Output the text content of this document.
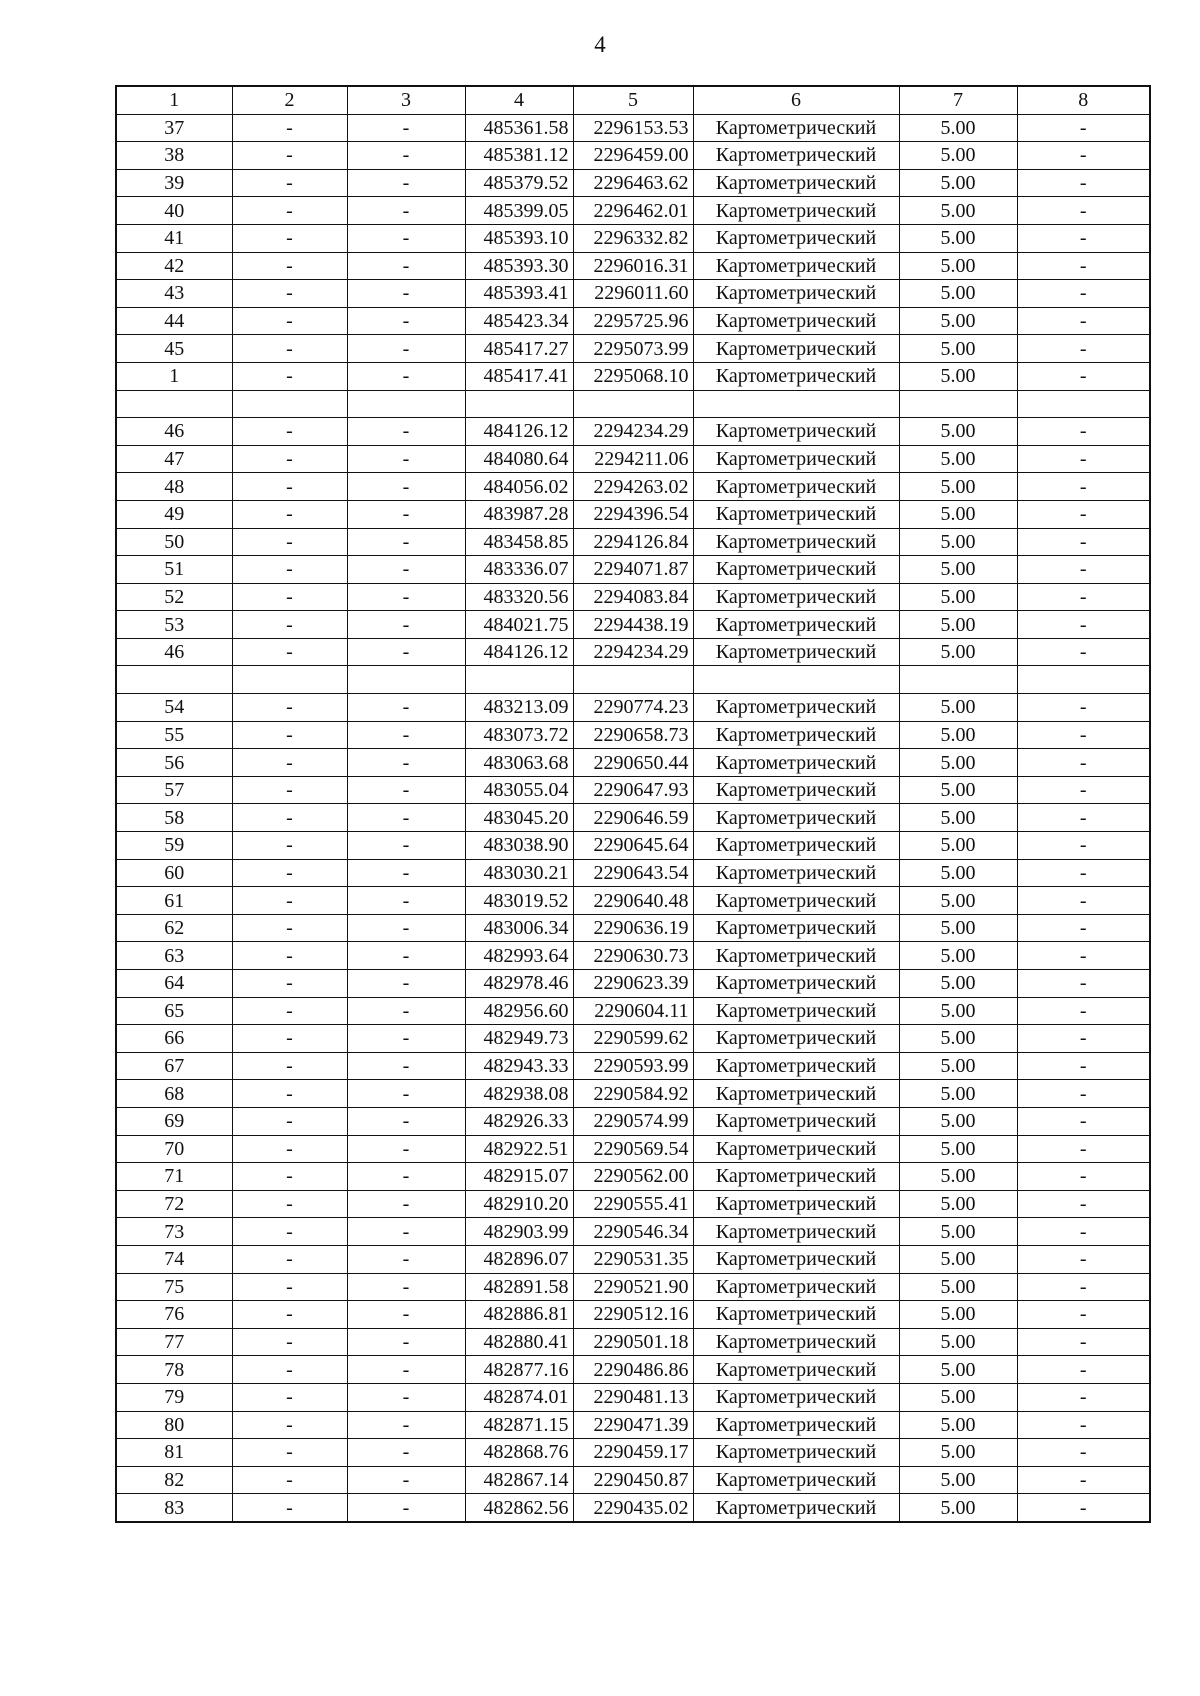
4
1	2	3	4	5	6	7	8
37	-	-	485361.58	2296153.53	Картометрический	5.00	-
38	-	-	485381.12	2296459.00	Картометрический	5.00	-
39	-	-	485379.52	2296463.62	Картометрический	5.00	-
40	-	-	485399.05	2296462.01	Картометрический	5.00	-
41	-	-	485393.10	2296332.82	Картометрический	5.00	-
42	-	-	485393.30	2296016.31	Картометрический	5.00	-
43	-	-	485393.41	2296011.60	Картометрический	5.00	-
44	-	-	485423.34	2295725.96	Картометрический	5.00	-
45	-	-	485417.27	2295073.99	Картометрический	5.00	-
1	-	-	485417.41	2295068.10	Картометрический	5.00	-

46	-	-	484126.12	2294234.29	Картометрический	5.00	-
47	-	-	484080.64	2294211.06	Картометрический	5.00	-
48	-	-	484056.02	2294263.02	Картометрический	5.00	-
49	-	-	483987.28	2294396.54	Картометрический	5.00	-
50	-	-	483458.85	2294126.84	Картометрический	5.00	-
51	-	-	483336.07	2294071.87	Картометрический	5.00	-
52	-	-	483320.56	2294083.84	Картометрический	5.00	-
53	-	-	484021.75	2294438.19	Картометрический	5.00	-
46	-	-	484126.12	2294234.29	Картометрический	5.00	-

54	-	-	483213.09	2290774.23	Картометрический	5.00	-
55	-	-	483073.72	2290658.73	Картометрический	5.00	-
56	-	-	483063.68	2290650.44	Картометрический	5.00	-
57	-	-	483055.04	2290647.93	Картометрический	5.00	-
58	-	-	483045.20	2290646.59	Картометрический	5.00	-
59	-	-	483038.90	2290645.64	Картометрический	5.00	-
60	-	-	483030.21	2290643.54	Картометрический	5.00	-
61	-	-	483019.52	2290640.48	Картометрический	5.00	-
62	-	-	483006.34	2290636.19	Картометрический	5.00	-
63	-	-	482993.64	2290630.73	Картометрический	5.00	-
64	-	-	482978.46	2290623.39	Картометрический	5.00	-
65	-	-	482956.60	2290604.11	Картометрический	5.00	-
66	-	-	482949.73	2290599.62	Картометрический	5.00	-
67	-	-	482943.33	2290593.99	Картометрический	5.00	-
68	-	-	482938.08	2290584.92	Картометрический	5.00	-
69	-	-	482926.33	2290574.99	Картометрический	5.00	-
70	-	-	482922.51	2290569.54	Картометрический	5.00	-
71	-	-	482915.07	2290562.00	Картометрический	5.00	-
72	-	-	482910.20	2290555.41	Картометрический	5.00	-
73	-	-	482903.99	2290546.34	Картометрический	5.00	-
74	-	-	482896.07	2290531.35	Картометрический	5.00	-
75	-	-	482891.58	2290521.90	Картометрический	5.00	-
76	-	-	482886.81	2290512.16	Картометрический	5.00	-
77	-	-	482880.41	2290501.18	Картометрический	5.00	-
78	-	-	482877.16	2290486.86	Картометрический	5.00	-
79	-	-	482874.01	2290481.13	Картометрический	5.00	-
80	-	-	482871.15	2290471.39	Картометрический	5.00	-
81	-	-	482868.76	2290459.17	Картометрический	5.00	-
82	-	-	482867.14	2290450.87	Картометрический	5.00	-
83	-	-	482862.56	2290435.02	Картометрический	5.00	-
